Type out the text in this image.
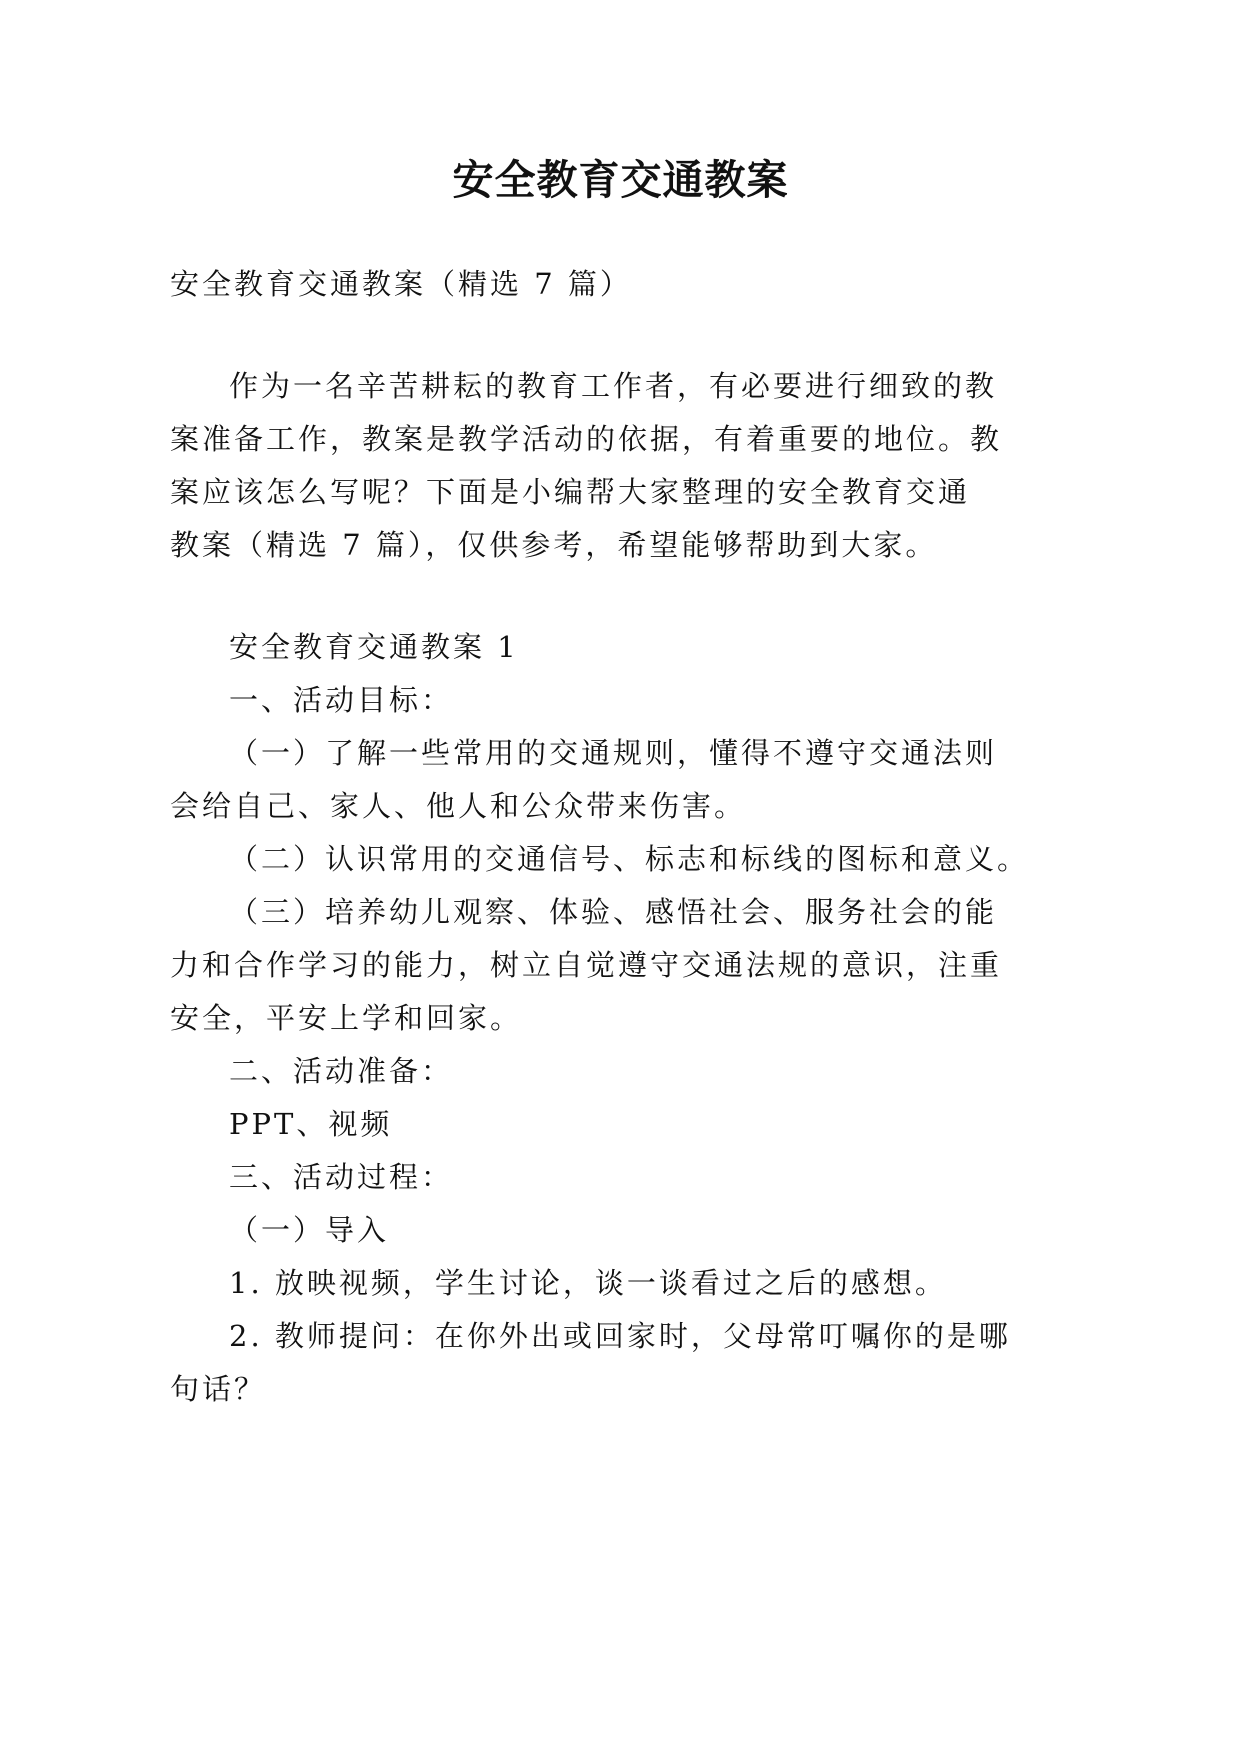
安全教育交通教案
安全教育交通教案（精选 7 篇）
作为一名辛苦耕耘的教育工作者，有必要进行细致的教
案准备工作，教案是教学活动的依据，有着重要的地位。教
案应该怎么写呢？下面是小编帮大家整理的安全教育交通
教案（精选 7 篇），仅供参考，希望能够帮助到大家。
安全教育交通教案 1
一、活动目标：
（一）了解一些常用的交通规则，懂得不遵守交通法则
会给自己、家人、他人和公众带来伤害。
（二）认识常用的交通信号、标志和标线的图标和意义。
（三）培养幼儿观察、体验、感悟社会、服务社会的能
力和合作学习的能力，树立自觉遵守交通法规的意识，注重
安全，平安上学和回家。
二、活动准备：
PPT、视频
三、活动过程：
（一）导入
1. 放映视频，学生讨论，谈一谈看过之后的感想。
2. 教师提问：在你外出或回家时，父母常叮嘱你的是哪
句话？
